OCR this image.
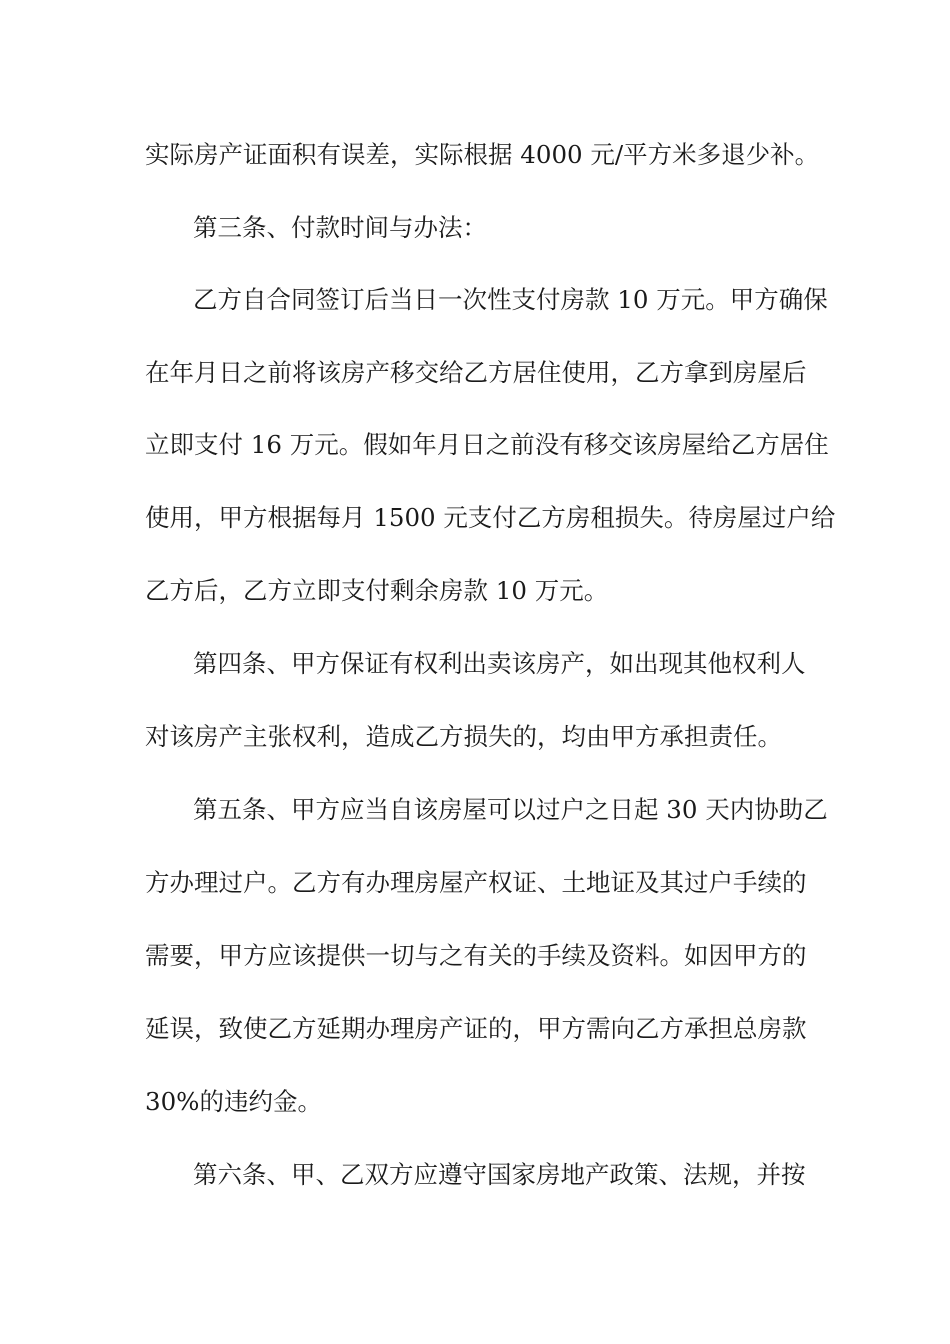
实际房产证面积有误差，实际根据 4000 元/平方米多退少补。
第三条、付款时间与办法：
乙方自合同签订后当日一次性支付房款 10 万元。甲方确保
在年月日之前将该房产移交给乙方居住使用，乙方拿到房屋后
立即支付 16 万元。假如年月日之前没有移交该房屋给乙方居住
使用，甲方根据每月 1500 元支付乙方房租损失。待房屋过户给
乙方后，乙方立即支付剩余房款 10 万元。
第四条、甲方保证有权利出卖该房产，如出现其他权利人
对该房产主张权利，造成乙方损失的，均由甲方承担责任。
第五条、甲方应当自该房屋可以过户之日起 30 天内协助乙
方办理过户。乙方有办理房屋产权证、土地证及其过户手续的
需要，甲方应该提供一切与之有关的手续及资料。如因甲方的
延误，致使乙方延期办理房产证的，甲方需向乙方承担总房款
30%的违约金。
第六条、甲、乙双方应遵守国家房地产政策、法规，并按
